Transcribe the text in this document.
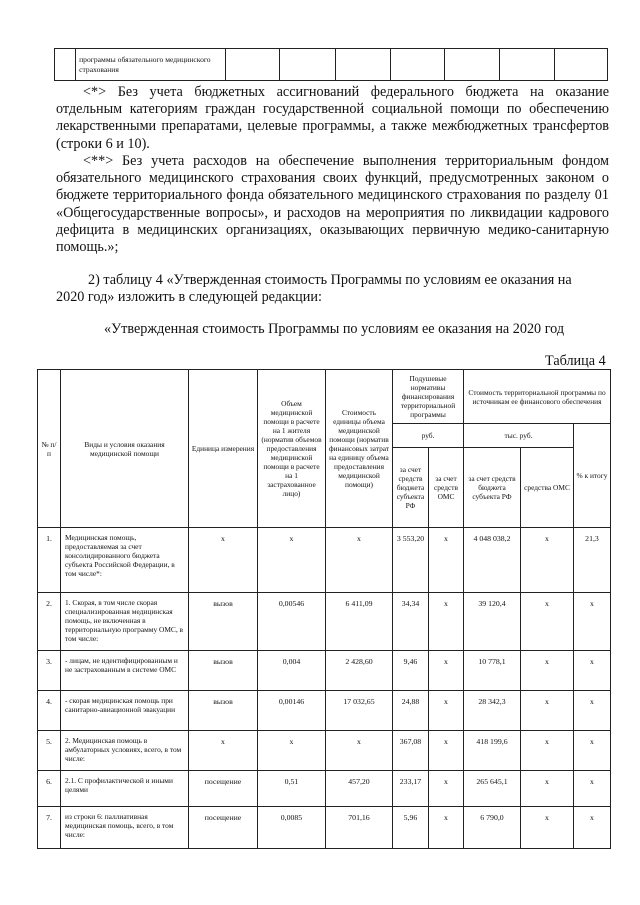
	программы обязательного медицинского страхования							

<*> Без учета бюджетных ассигнований федерального бюджета на оказание отдельным категориям граждан государственной социальной помощи по обеспечению лекарственными препаратами, целевые программы, а также межбюджетных трансфертов (строки 6 и 10).

<**> Без учета расходов на обеспечение выполнения территориальным фондом обязательного медицинского страхования своих функций, предусмотренных законом о бюджете территориального фонда обязательного медицинского страхования по разделу 01 «Общегосударственные вопросы», и расходов на мероприятия по ликвидации кадрового дефицита в медицинских организациях, оказывающих первичную медико-санитарную помощь.»;

2) таблицу 4 «Утвержденная стоимость Программы по условиям ее оказания на

2020 год» изложить в следующей редакции:

«Утвержденная стоимость Программы по условиям ее оказания на 2020 год

Таблица 4

№ п/п	Виды и условия оказания медицинской помощи	Единица измерения	Объем медицинской помощи в расчете на 1 жителя (норматив объемов предоставления медицинской помощи в расчете на 1 застрахованное лицо)	Стоимость единицы объема медицинской помощи (норматив финансовых затрат на единицу объема предоставления медицинской помощи)	Подушевые нормативы финансирования территориальной программы		Стоимость территориальной программы по источникам ее финансового обеспечения		
					руб.		тыс. руб.		% к итогу
					за счет средств бюджета субъекта РФ	за счет средств ОМС	за счет средств бюджета субъекта РФ	средства ОМС	
1.	Медицинская помощь, предоставляемая за счет консолидированного бюджета субъекта Российской Федерации, в том числе*:	х	х	х	3 553,20	х	4 048 038,2	х	21,3
2.	1. Скорая, в том числе скорая специализированная медицинская помощь, не включенная в территориальную программу ОМС, в том числе:	вызов	0,00546	6 411,09	34,34	х	39 120,4	х	х
3.	- лицам, не идентифицированным и не застрахованным в системе ОМС	вызов	0,004	2 428,60	9,46	х	10 778,1	х	х
4.	- скорая медицинская помощь при санитарно-авиационной эвакуации	вызов	0,00146	17 032,65	24,88	х	28 342,3	х	х
5.	2. Медицинская помощь в амбулаторных условиях, всего, в том числе:	х	х	х	367,08	х	418 199,6	х	х
6.	2.1. С профилактической и иными целями	посещение	0,51	457,20	233,17	х	265 645,1	х	х
7.	из строки 6: паллиативная медицинская помощь, всего, в том числе:	посещение	0,0085	701,16	5,96	х	6 790,0	х	х
